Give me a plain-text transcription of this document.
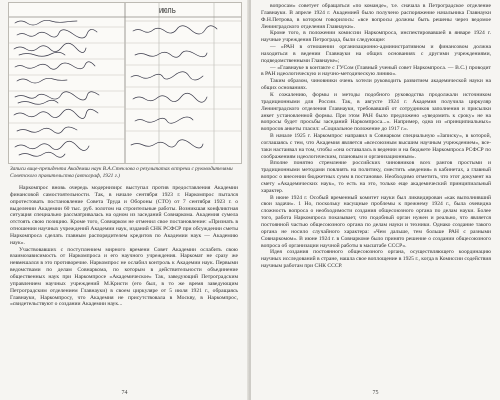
ИЮЛЬ
Записи вице-президента Академии наук В.А.Стеклова о результатах встречи с руководителями Советского правительства (автограф, 1921 г.)

Наркомпрос вновь очередь модернизирс выступал против предоставления Академии финансовой самостоятельности. Так, в начале сентября 1923 г. Наркомпрос пытался опротестовать постановление Совета Труда и Обороны (СТО) от 7 сентября 1923 г. о выделении Академии 60 тыс. руб. золотом на строительные работы. Возникшая конфликтная ситуация специально рассматривалась на одном из заседаний Совнаркома. Академия сумела отстоять свою позицию. Кроме того, Совнарком не отменил свое постановление: «Признать в отношении научных учреждений Академии наук, изданий СНК РСФСР при обсуждении сметы Наркомпроса сделать главным распорядителем кредитов по Академии наук — Академию наук».

Участвовавших с поступлением мирного времени Совет Академии ослабить свою взаимозависимость от Наркомпроса и его научного учреждения. Наркомат не сразу же невмешался в это противоречие. Наркомпрос не ослабил контроль к Академии наук. Первыми ведомствами по делам Совнаркома, по которым в действительности объединение общественных наук при Наркомпросе «Академическое» Так, заведующий Петроградским управлением научных учреждений М.Кристи (его был, в то же время заведующим Петроградским отделением Главнауки) в своем циркуляре от 5 июля 1921 г., обращаясь Главнауки, Наркомпросу, что Академия не присутствовала в Москву, в Наркомпрос, «свидетельствуют о создании Академии наук...

74

вопросам» советует обращаться «по команде», т.е. сначала в Петроградское отделение Главнауки. В апреле 1924 г. Академией было получено распоряжение начальника Главнауки Ф.Н.Петрова, в котором говорилось: «все вопросы должны быть решены через ведомое Ленинградского отделения Главнауки».

Кроме того, в положении комиссии Наркомпроса, инспектировавшей в январе 1924 г. научные учреждения Петрограда, были следующие:

— «РАН в отношении организационно-административном и финансовом должна находиться в ведении Главнауки на общих основаниях с другими учреждениями, подведомственными Главнауке»;

— «Главнауке в контакте с ГУСом (Главный ученый совет Наркомпроса. — В.С.) проводит в РАН идеологическую и научно-методическую линию».

Таким образом, чиновники очень хотели руководить развитием академической науки на общих основаниях.

К сожалению, формы и методы подобного руководства продолжали источником традиционными для России. Так, в августе 1924 г. Академия получила циркуляр Ленинградского отделения Главнауки, требовавший от сотрудников заполнения и присылки анкет установленной формы. При этом РАН было предложено «уведомить к сроку» не на вопросы будет просьбы заседаний Наркомпроса...». Например, одна из «принципиальных» вопросов анкеты гласил: «Социальное положение до 1917 г.».

В начале 1925 г. Наркомпрос направил в Совнарком специальную «Записку», в которой, соглашаясь с тем, что Академия является «всесоюзным высшим научным учреждением», все-таки настаивал на том, чтобы «она оставалась в ведении и на бюджете Наркомпроса РСФСР по соображениям идеологическим, плановым и организационным».

Вполне понятно стремление российских чиновников всех рангов простыми и традиционными методами повлиять на политику, сместить «ведения» в кабинетах, а главный вопрос о внесении бюджетных сумм в постановке. Необходимо отметить, что этот документ на смету «Академических наук», то есть на это, только еще академический принципиальный характер.

В июне 1924 г. Особый временный комитет науки был ликвидирован «как выполнивший свои задачи». 1 Но, поскольку насущные проблемы к прежнему 1924 г., была очевидна сложность вопроса о необходимости создания общесоюзного органа по делам науки. Более того, работа Наркомпроса показывает, что подобный орган нужен и реально, что является постоянной частью общесоюзного органа по делам науки и техники. Однако создание такого органа не носило случайного характера: «Чем дальше, тем больше РАН с разными Совнаркомом». В июне 1924 г. в Совнаркоме было принято решение о создании общесоюзного вопроса об организации научной работы в масштабе СССР».

Идея создания постоянного общесоюзного органа, осуществляющего координацию научных исследований в стране, нашла свое воплощение в 1925 г., когда в Комиссии содействия научным работам при СНК СССР.

75
